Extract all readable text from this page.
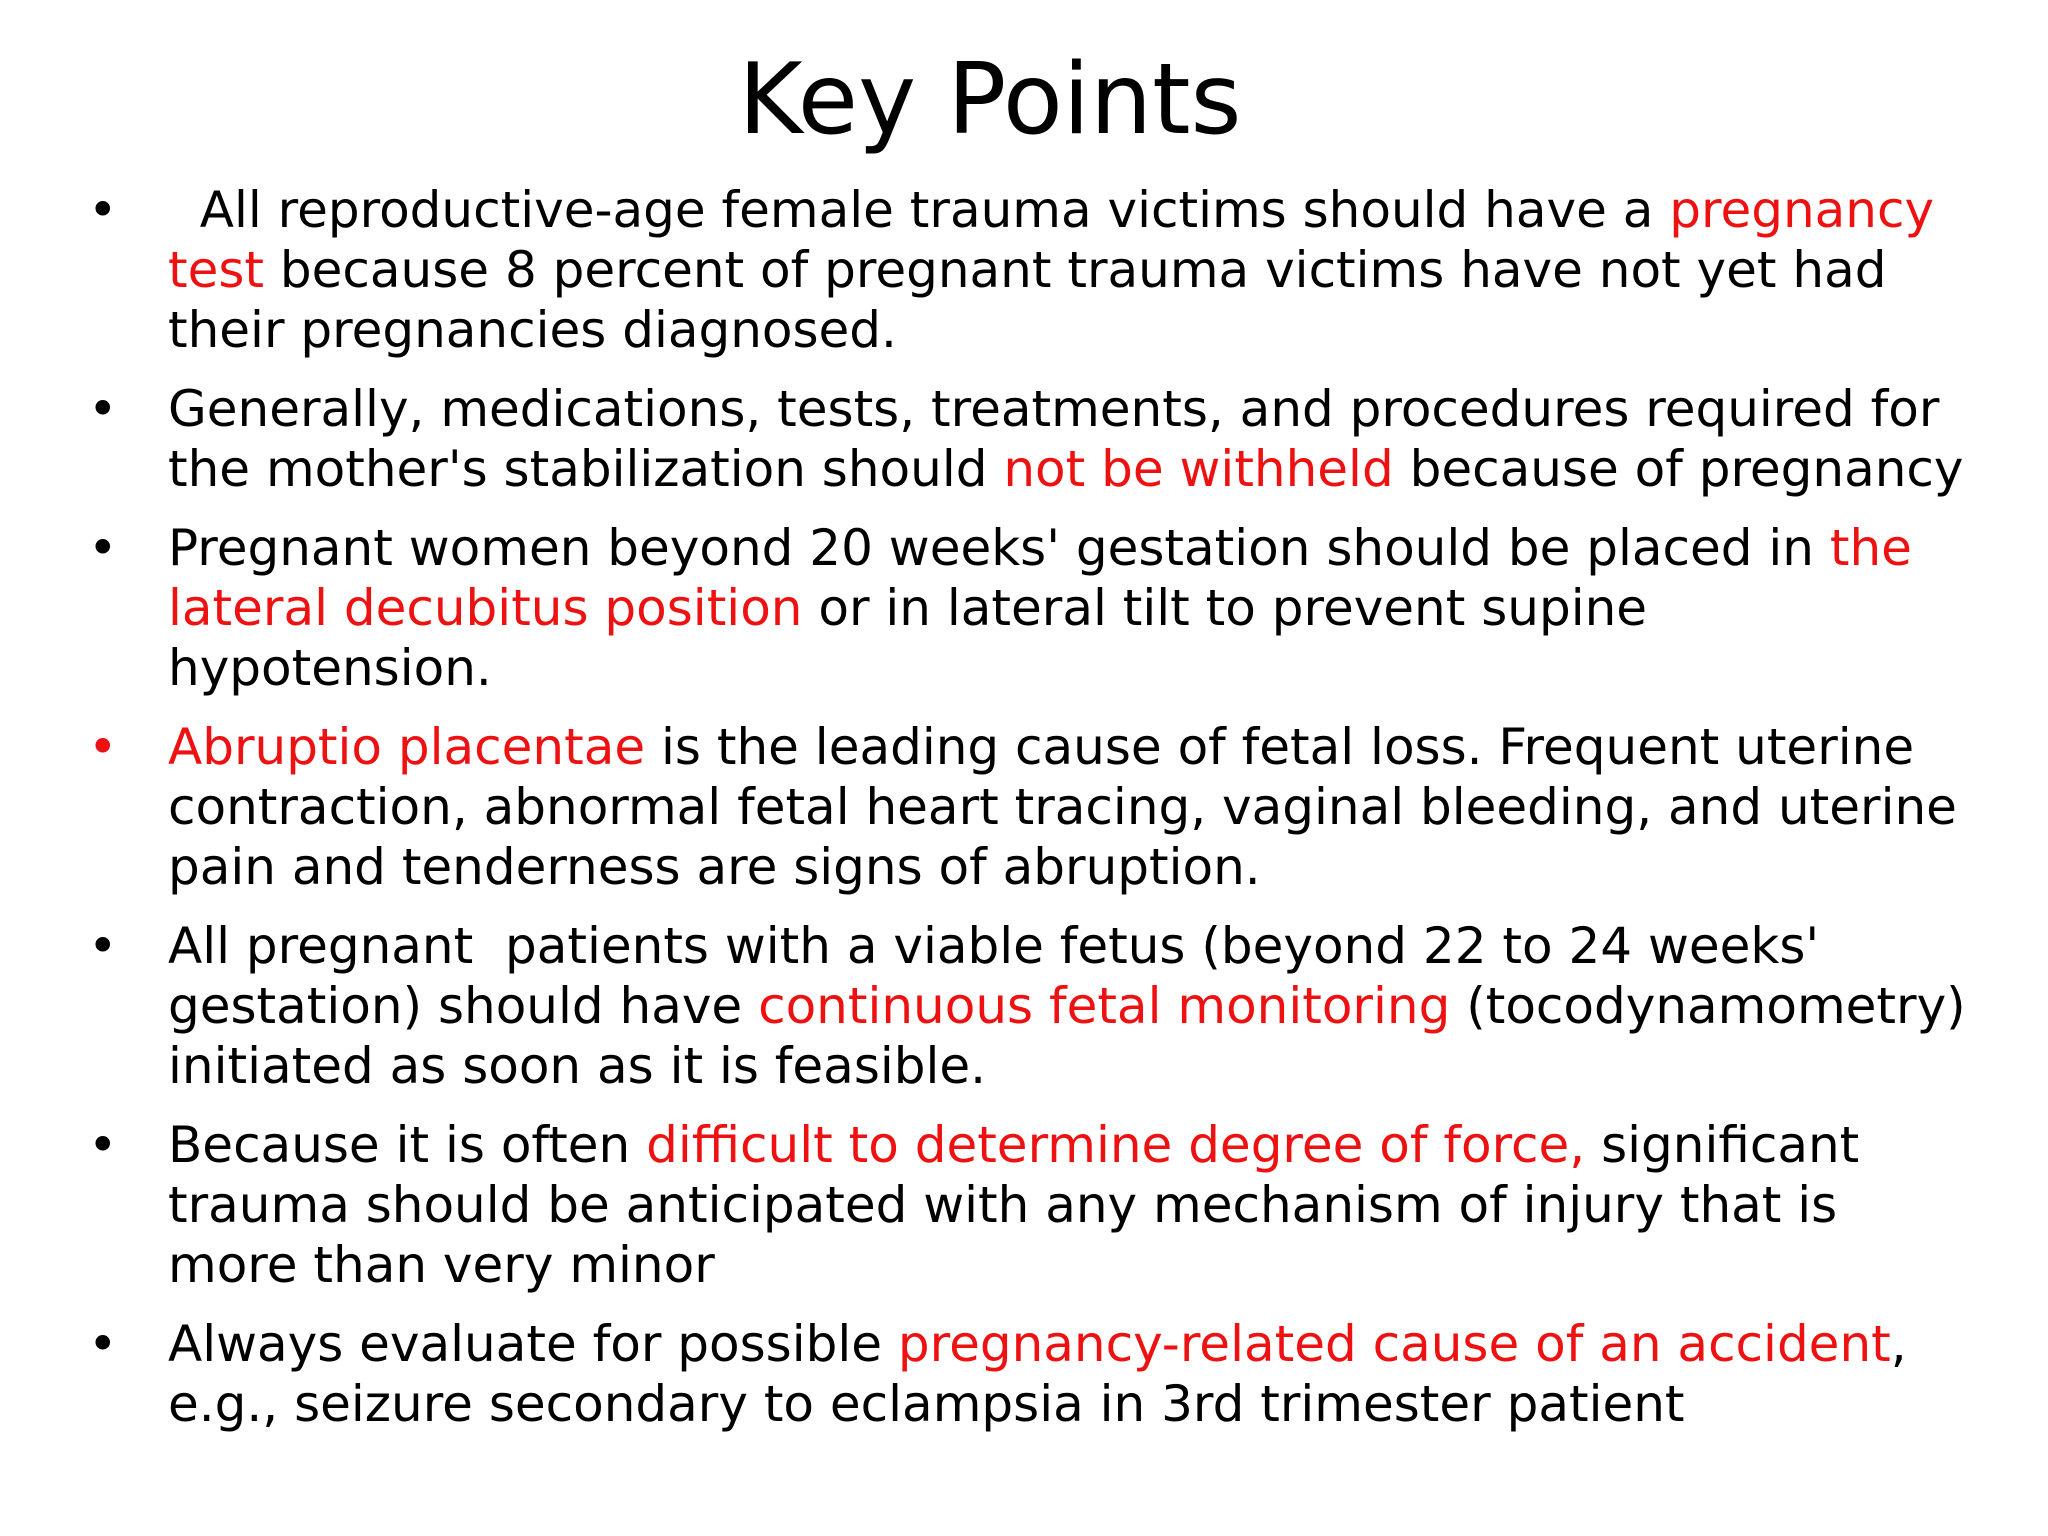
Key Points
• All reproductive-age female trauma victims should have a pregnancy test because 8 percent of pregnant trauma victims have not yet had their pregnancies diagnosed.
• Generally, medications, tests, treatments, and procedures required for the mother's stabilization should not be withheld because of pregnancy
• Pregnant women beyond 20 weeks' gestation should be placed in the lateral decubitus position or in lateral tilt to prevent supine hypotension.
• Abruptio placentae is the leading cause of fetal loss. Frequent uterine contraction, abnormal fetal heart tracing, vaginal bleeding, and uterine pain and tenderness are signs of abruption.
• All pregnant  patients with a viable fetus (beyond 22 to 24 weeks' gestation) should have continuous fetal monitoring (tocodynamometry) initiated as soon as it is feasible.
• Because it is often difficult to determine degree of force, significant trauma should be anticipated with any mechanism of injury that is more than very minor
• Always evaluate for possible pregnancy-related cause of an accident, e.g., seizure secondary to eclampsia in 3rd trimester patient
